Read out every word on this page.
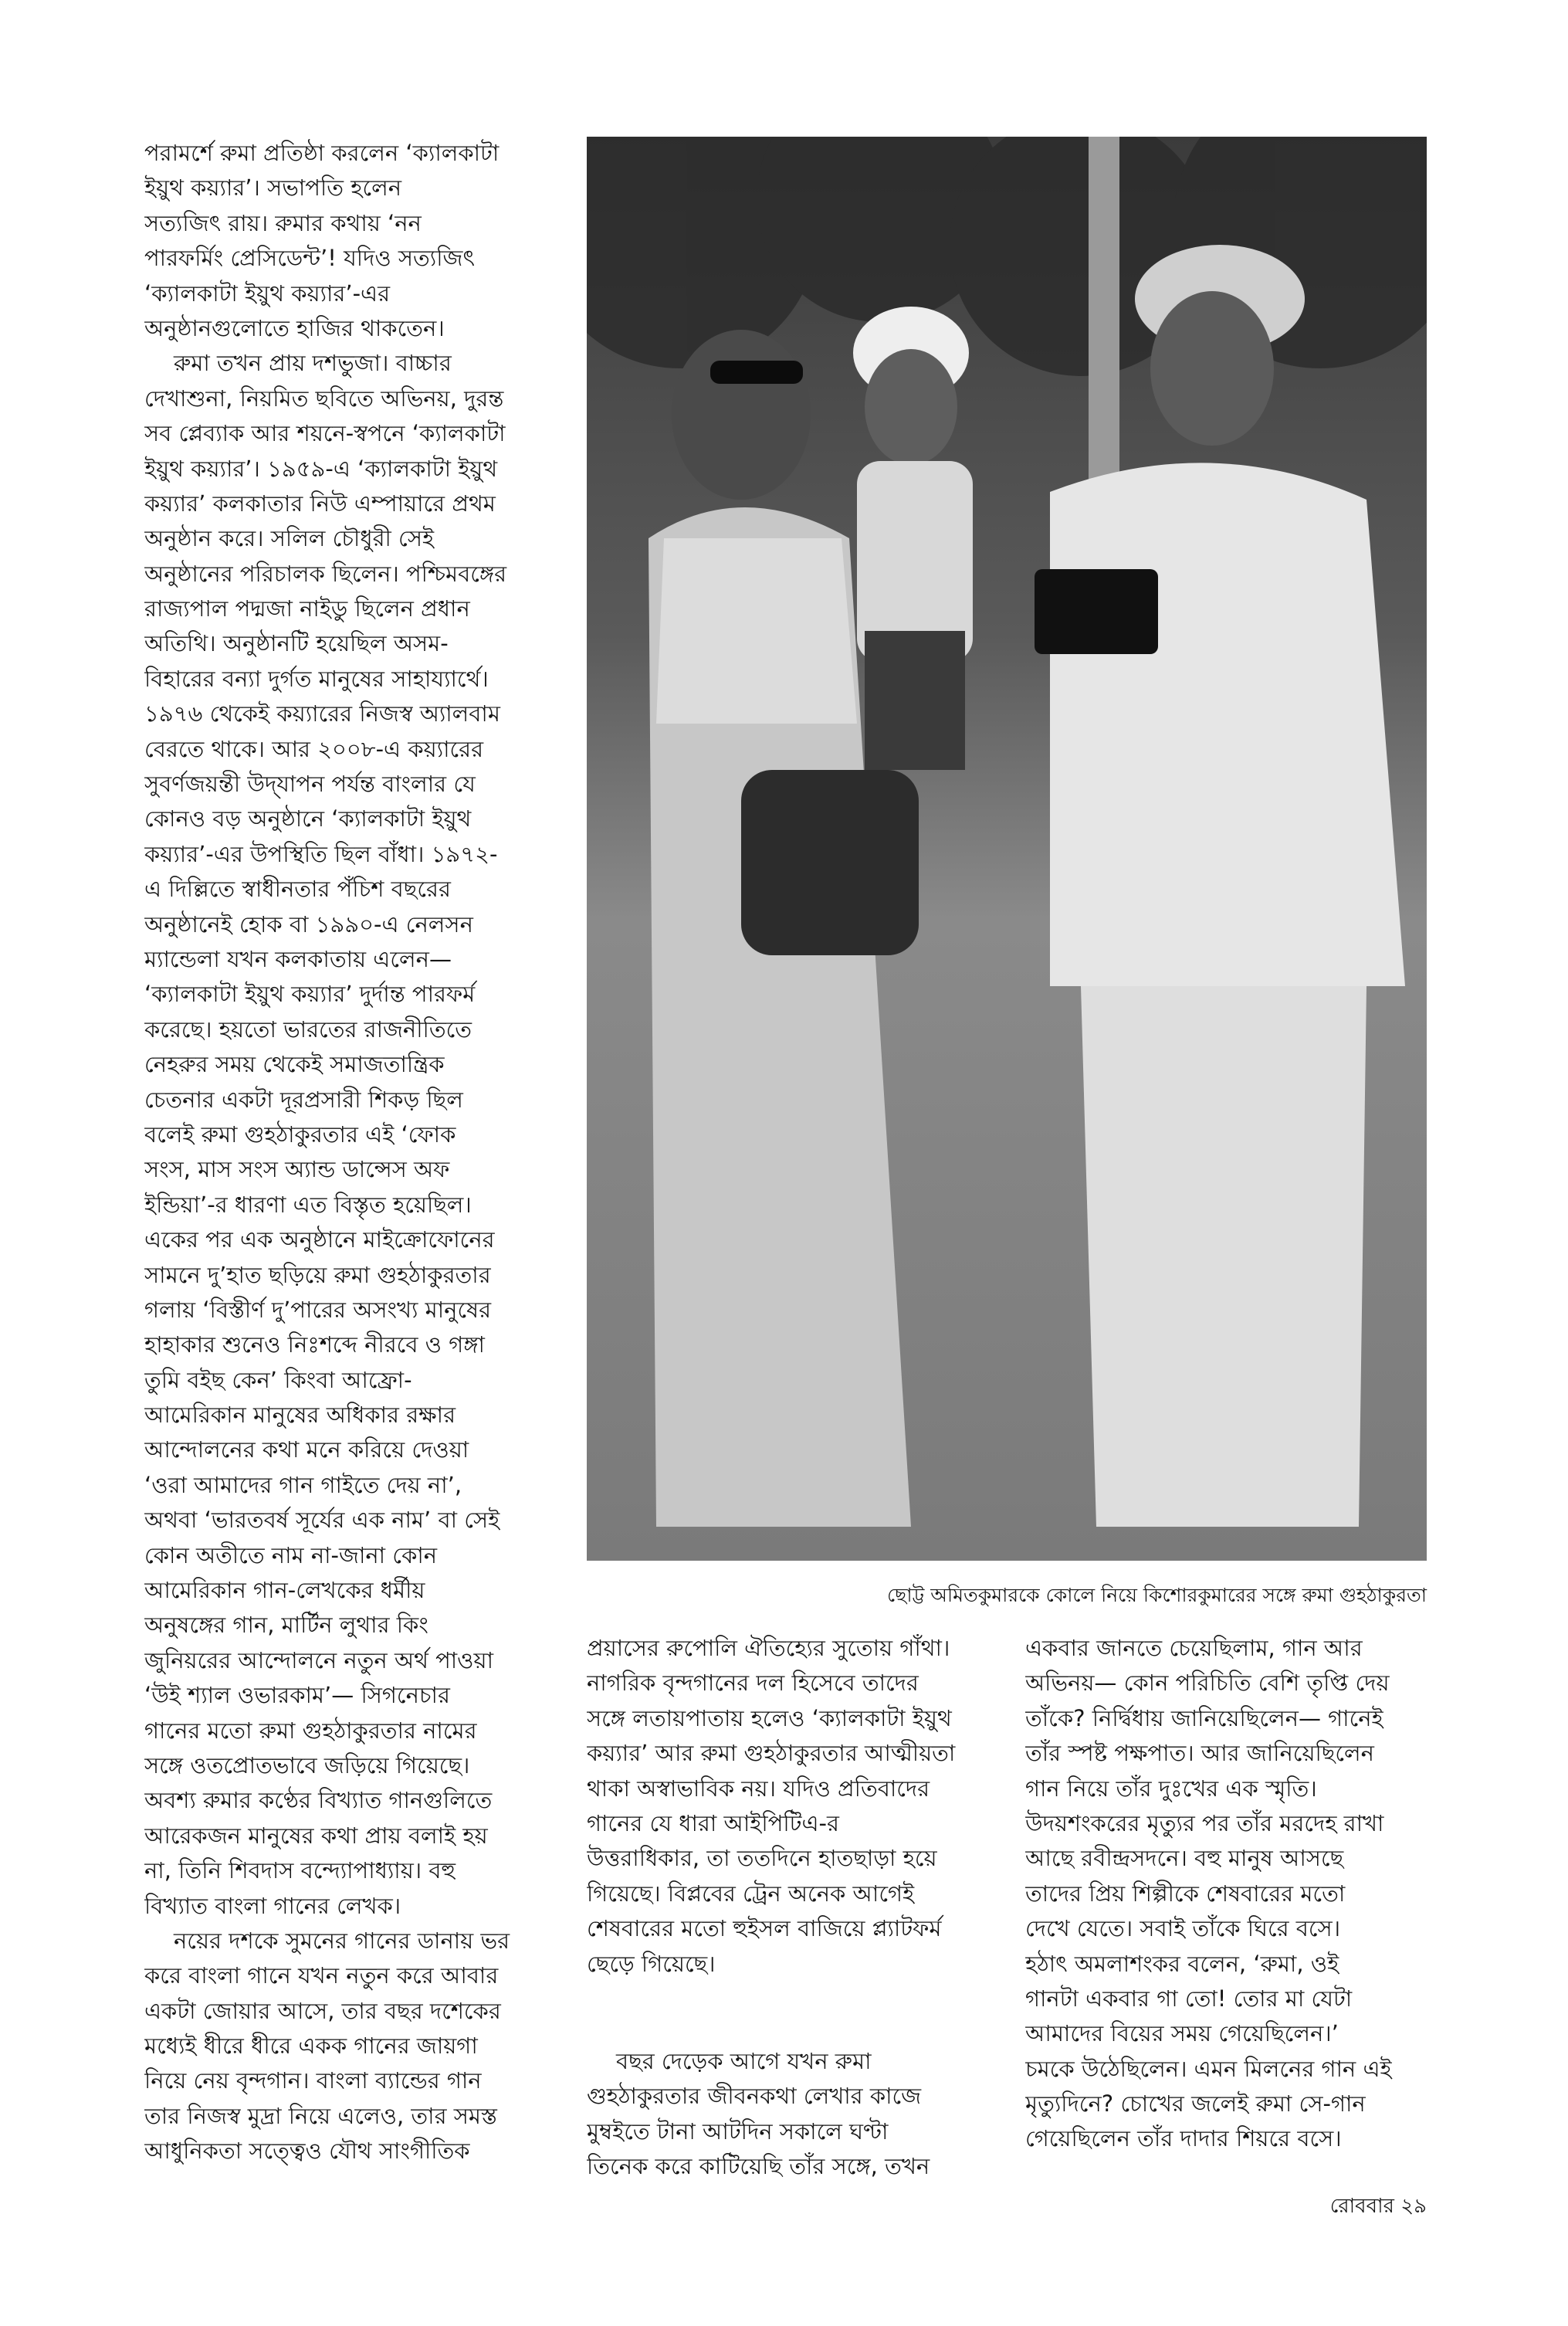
পরামর্শে রুমা প্রতিষ্ঠা করলেন ‘ক্যালকাটা
ইয়ুথ কয়্যার’। সভাপতি হলেন
সত্যজিৎ রায়। রুমার কথায় ‘নন
পারফর্মিং প্রেসিডেন্ট’! যদিও সত্যজিৎ
‘ক্যালকাটা ইয়ুথ কয়্যার’-এর
অনুষ্ঠানগুলোতে হাজির থাকতেন।
রুমা তখন প্রায় দশভুজা। বাচ্চার
দেখাশুনা, নিয়মিত ছবিতে অভিনয়, দুরন্ত
সব প্লেব্যাক আর শয়নে-স্বপনে ‘ক্যালকাটা
ইয়ুথ কয়্যার’। ১৯৫৯-এ ‘ক্যালকাটা ইয়ুথ
কয়্যার’ কলকাতার নিউ এম্পায়ারে প্রথম
অনুষ্ঠান করে। সলিল চৌধুরী সেই
অনুষ্ঠানের পরিচালক ছিলেন। পশ্চিমবঙ্গের
রাজ্যপাল পদ্মজা নাইডু ছিলেন প্রধান
অতিথি। অনুষ্ঠানটি হয়েছিল অসম-
বিহারের বন্যা দুর্গত মানুষের সাহায্যার্থে।
১৯৭৬ থেকেই কয়্যারের নিজস্ব অ্যালবাম
বেরতে থাকে। আর ২০০৮-এ কয়্যারের
সুবর্ণজয়ন্তী উদ্‌যাপন পর্যন্ত বাংলার যে
কোনও বড় অনুষ্ঠানে ‘ক্যালকাটা ইয়ুথ
কয়্যার’-এর উপস্থিতি ছিল বাঁধা। ১৯৭২-
এ দিল্লিতে স্বাধীনতার পঁচিশ বছরের
অনুষ্ঠানেই হোক বা ১৯৯০-এ নেলসন
ম্যান্ডেলা যখন কলকাতায় এলেন—
‘ক্যালকাটা ইয়ুথ কয়্যার’ দুর্দান্ত পারফর্ম
করেছে। হয়তো ভারতের রাজনীতিতে
নেহরুর সময় থেকেই সমাজতান্ত্রিক
চেতনার একটা দূরপ্রসারী শিকড় ছিল
বলেই রুমা গুহঠাকুরতার এই ‘ফোক
সংস, মাস সংস অ্যান্ড ডান্সেস অফ
ইন্ডিয়া’-র ধারণা এত বিস্তৃত হয়েছিল।
একের পর এক অনুষ্ঠানে মাইক্রোফোনের
সামনে দু’হাত ছড়িয়ে রুমা গুহঠাকুরতার
গলায় ‘বিস্তীর্ণ দু’পারের অসংখ্য মানুষের
হাহাকার শুনেও নিঃশব্দে নীরবে ও গঙ্গা
তুমি বইছ কেন’ কিংবা আফ্রো-
আমেরিকান মানুষের অধিকার রক্ষার
আন্দোলনের কথা মনে করিয়ে দেওয়া
‘ওরা আমাদের গান গাইতে দেয় না’,
অথবা ‘ভারতবর্ষ সূর্যের এক নাম’ বা সেই
কোন অতীতে নাম না-জানা কোন
আমেরিকান গান-লেখকের ধর্মীয়
অনুষঙ্গের গান, মার্টিন লুথার কিং
জুনিয়রের আন্দোলনে নতুন অর্থ পাওয়া
‘উই শ্যাল ওভারকাম’— সিগনেচার
গানের মতো রুমা গুহঠাকুরতার নামের
সঙ্গে ওতপ্রোতভাবে জড়িয়ে গিয়েছে।
অবশ্য রুমার কণ্ঠের বিখ্যাত গানগুলিতে
আরেকজন মানুষের কথা প্রায় বলাই হয়
না, তিনি শিবদাস বন্দ্যোপাধ্যায়। বহু
বিখ্যাত বাংলা গানের লেখক।
নয়ের দশকে সুমনের গানের ডানায় ভর
করে বাংলা গানে যখন নতুন করে আবার
একটা জোয়ার আসে, তার বছর দশেকের
মধ্যেই ধীরে ধীরে একক গানের জায়গা
নিয়ে নেয় বৃন্দগান। বাংলা ব্যান্ডের গান
তার নিজস্ব মুদ্রা নিয়ে এলেও, তার সমস্ত
আধুনিকতা সত্ত্বেও যৌথ সাংগীতিক
ছোট্ট অমিতকুমারকে কোলে নিয়ে কিশোরকুমারের সঙ্গে রুমা গুহঠাকুরতা
প্রয়াসের রুপোলি ঐতিহ্যের সুতোয় গাঁথা।
নাগরিক বৃন্দগানের দল হিসেবে তাদের
সঙ্গে লতায়পাতায় হলেও ‘ক্যালকাটা ইয়ুথ
কয়্যার’ আর রুমা গুহঠাকুরতার আত্মীয়তা
থাকা অস্বাভাবিক নয়। যদিও প্রতিবাদের
গানের যে ধারা আইপিটিএ-র
উত্তরাধিকার, তা ততদিনে হাতছাড়া হয়ে
গিয়েছে। বিপ্লবের ট্রেন অনেক আগেই
শেষবারের মতো হুইসল বাজিয়ে প্ল্যাটফর্ম
ছেড়ে গিয়েছে।
বছর দেড়েক আগে যখন রুমা
গুহঠাকুরতার জীবনকথা লেখার কাজে
মুম্বইতে টানা আটদিন সকালে ঘণ্টা
তিনেক করে কাটিয়েছি তাঁর সঙ্গে, তখন
একবার জানতে চেয়েছিলাম, গান আর
অভিনয়— কোন পরিচিতি বেশি তৃপ্তি দেয়
তাঁকে? নির্দ্বিধায় জানিয়েছিলেন— গানেই
তাঁর স্পষ্ট পক্ষপাত। আর জানিয়েছিলেন
গান নিয়ে তাঁর দুঃখের এক স্মৃতি।
উদয়শংকরের মৃত্যুর পর তাঁর মরদেহ রাখা
আছে রবীন্দ্রসদনে। বহু মানুষ আসছে
তাদের প্রিয় শিল্পীকে শেষবারের মতো
দেখে যেতে। সবাই তাঁকে ঘিরে বসে।
হঠাৎ অমলাশংকর বলেন, ‘রুমা, ওই
গানটা একবার গা তো! তোর মা যেটা
আমাদের বিয়ের সময় গেয়েছিলেন।’
চমকে উঠেছিলেন। এমন মিলনের গান এই
মৃত্যুদিনে? চোখের জলেই রুমা সে-গান
গেয়েছিলেন তাঁর দাদার শিয়রে বসে।
রোববার ২৯
